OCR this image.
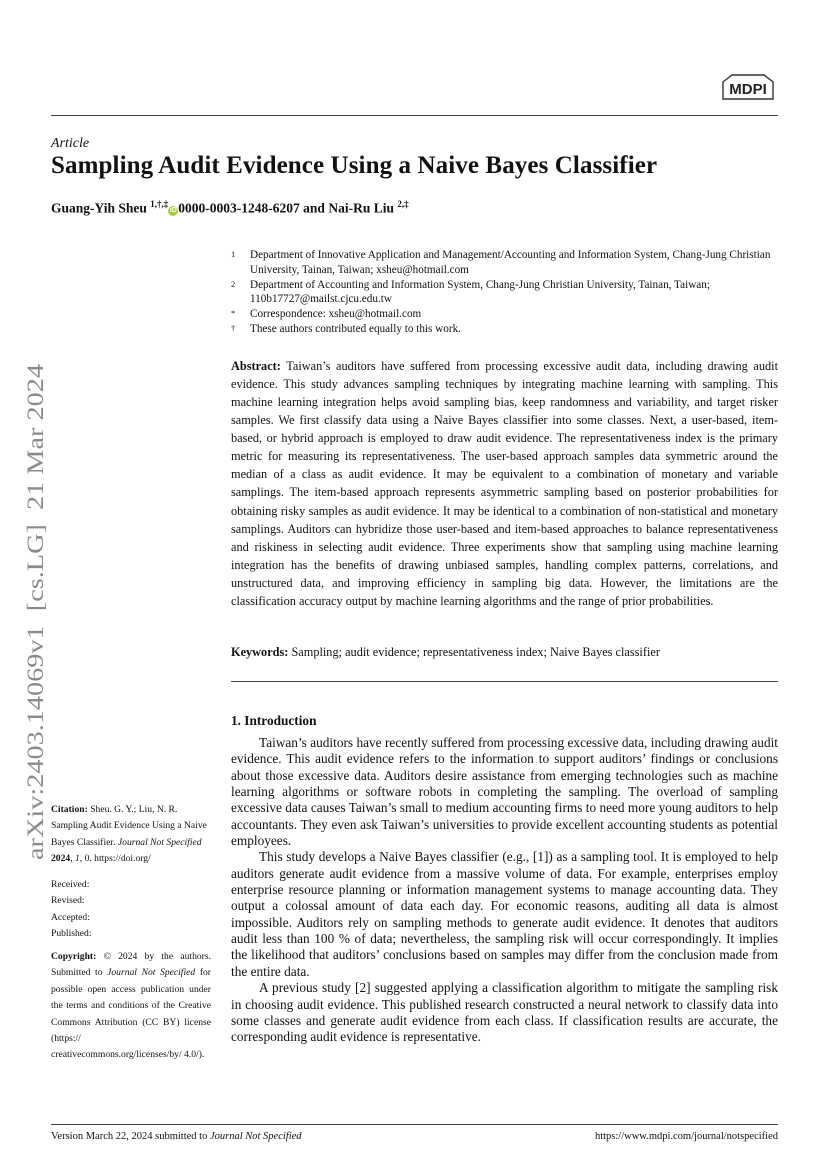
MDPI
Article
Sampling Audit Evidence Using a Naive Bayes Classifier
Guang-Yih Sheu $^{1,\dagger,\ddagger}$iD 0000-0003-1248-6207 and Nai-Ru Liu $^{2,\ddagger}$
1 Department of Innovative Application and Management/Accounting and Information System, Chang-Jung Christian University, Tainan, Taiwan; xsheu@hotmail.com
2 Department of Accounting and Information System, Chang-Jung Christian University, Tainan, Taiwan; 110b17727@mailst.cjcu.edu.tw
* Correspondence: xsheu@hotmail.com
† These authors contributed equally to this work.
Abstract: Taiwan’s auditors have suffered from processing excessive audit data, including drawing audit evidence. This study advances sampling techniques by integrating machine learning with sampling. This machine learning integration helps avoid sampling bias, keep randomness and variability, and target risker samples. We first classify data using a Naive Bayes classifier into some classes. Next, a user-based, item-based, or hybrid approach is employed to draw audit evidence. The representativeness index is the primary metric for measuring its representativeness. The user-based approach samples data symmetric around the median of a class as audit evidence. It may be equivalent to a combination of monetary and variable samplings. The item-based approach represents asymmetric sampling based on posterior probabilities for obtaining risky samples as audit evidence. It may be identical to a combination of non-statistical and monetary samplings. Auditors can hybridize those user-based and item-based approaches to balance representativeness and riskiness in selecting audit evidence. Three experiments show that sampling using machine learning integration has the benefits of drawing unbiased samples, handling complex patterns, correlations, and unstructured data, and improving efficiency in sampling big data. However, the limitations are the classification accuracy output by machine learning algorithms and the range of prior probabilities.
Keywords: Sampling; audit evidence; representativeness index; Naive Bayes classifier
1. Introduction

Taiwan’s auditors have recently suffered from processing excessive data, including drawing audit evidence. This audit evidence refers to the information to support auditors’ findings or conclusions about those excessive data. Auditors desire assistance from emerging technologies such as machine learning algorithms or software robots in completing the sampling. The overload of sampling excessive data causes Taiwan’s small to medium accounting firms to need more young auditors to help accountants. They even ask Taiwan’s universities to provide excellent accounting students as potential employees.

This study develops a Naive Bayes classifier (e.g., [1]) as a sampling tool. It is employed to help auditors generate audit evidence from a massive volume of data. For example, enterprises employ enterprise resource planning or information management systems to manage accounting data. They output a colossal amount of data each day. For economic reasons, auditing all data is almost impossible. Auditors rely on sampling methods to generate audit evidence. It denotes that auditors audit less than 100 % of data; nevertheless, the sampling risk will occur correspondingly. It implies the likelihood that auditors’ conclusions based on samples may differ from the conclusion made from the entire data.

A previous study [2] suggested applying a classification algorithm to mitigate the sampling risk in choosing audit evidence. This published research constructed a neural network to classify data into some classes and generate audit evidence from each class. If classification results are accurate, the corresponding audit evidence is representative.

arXiv:2403.14069v1  [cs.LG]  21 Mar 2024 Citation: Sheu. G. Y.; Liu, N. R. Sampling Audit Evidence Using a Naive Bayes Classifier. Journal Not Specified 2024, 1, 0. https://doi.org/
Received:
Revised:
Accepted:
Published:
Copyright: © 2024 by the authors. Submitted to Journal Not Specified for possible open access publication under the terms and conditions of the Creative Commons Attribution (CC BY) license (https:// creativecommons.org/licenses/by/ 4.0/).
Version March 22, 2024 submitted to Journal Not Specified	https://www.mdpi.com/journal/notspecified
